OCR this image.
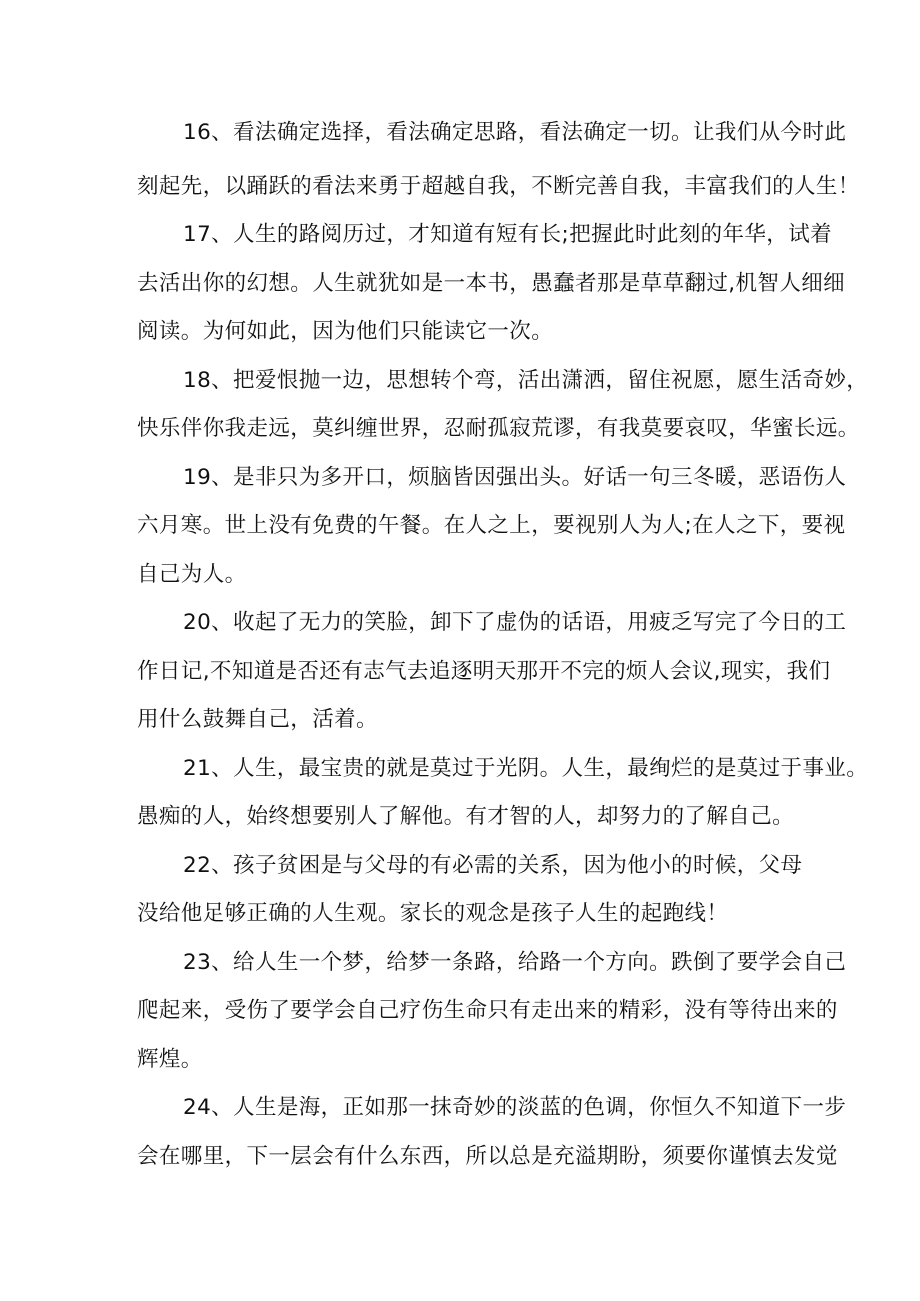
16、看法确定选择，看法确定思路，看法确定一切。让我们从今时此
刻起先，以踊跃的看法来勇于超越自我，不断完善自我，丰富我们的人生！
17、人生的路阅历过，才知道有短有长;把握此时此刻的年华，试着
去活出你的幻想。人生就犹如是一本书，愚蠢者那是草草翻过,机智人细细
阅读。为何如此，因为他们只能读它一次。
18、把爱恨抛一边，思想转个弯，活出潇洒，留住祝愿，愿生活奇妙，
快乐伴你我走远，莫纠缠世界，忍耐孤寂荒谬，有我莫要哀叹，华蜜长远。
19、是非只为多开口，烦脑皆因强出头。好话一句三冬暖，恶语伤人
六月寒。世上没有免费的午餐。在人之上，要视别人为人;在人之下，要视
自己为人。
20、收起了无力的笑脸，卸下了虚伪的话语，用疲乏写完了今日的工
作日记,不知道是否还有志气去追逐明天那开不完的烦人会议,现实，我们
用什么鼓舞自己，活着。
21、人生，最宝贵的就是莫过于光阴。人生，最绚烂的是莫过于事业。
愚痴的人，始终想要别人了解他。有才智的人，却努力的了解自己。
22、孩子贫困是与父母的有必需的关系，因为他小的时候，父母
没给他足够正确的人生观。家长的观念是孩子人生的起跑线！
23、给人生一个梦，给梦一条路，给路一个方向。跌倒了要学会自己
爬起来，受伤了要学会自己疗伤生命只有走出来的精彩，没有等待出来的
辉煌。
24、人生是海，正如那一抹奇妙的淡蓝的色调，你恒久不知道下一步
会在哪里，下一层会有什么东西，所以总是充溢期盼，须要你谨慎去发觉
